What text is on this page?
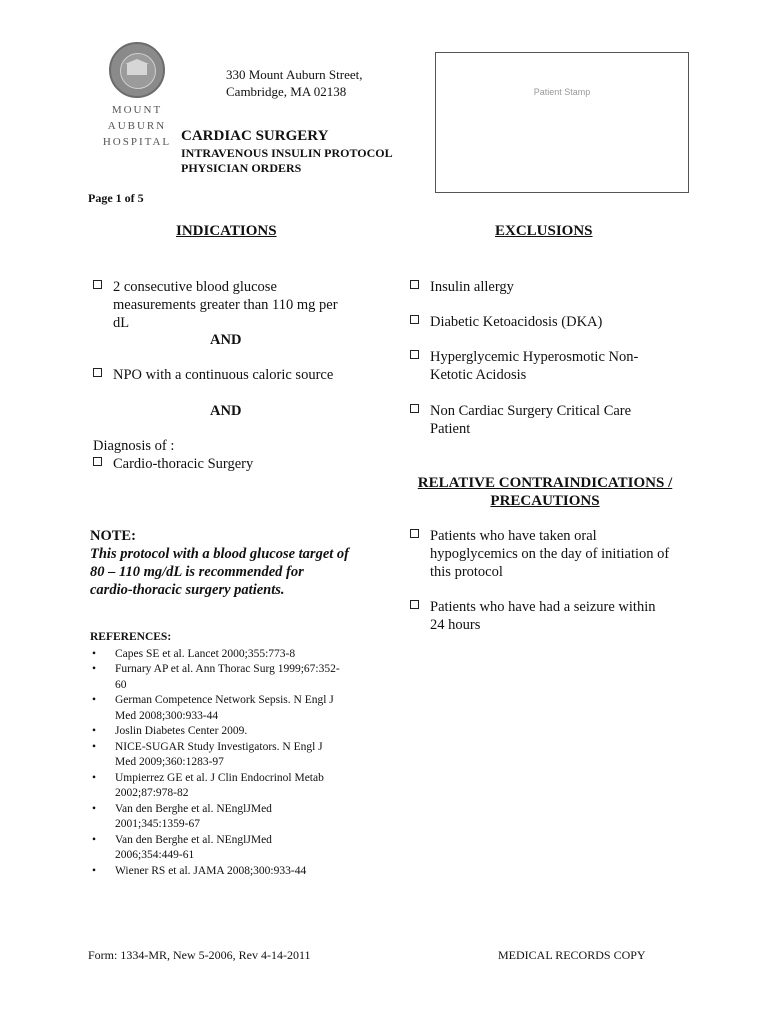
MOUNT AUBURN
HOSPITAL
330 Mount Auburn Street,
Cambridge, MA 02138
CARDIAC SURGERY
INTRAVENOUS INSULIN PROTOCOL
PHYSICIAN ORDERS
Patient Stamp
Page 1 of 5
INDICATIONS
2 consecutive blood glucose
measurements greater than 110 mg per
dL
AND
NPO with a continuous caloric source
AND
Diagnosis of :
Cardio-thoracic Surgery
NOTE:
This protocol with a blood glucose target of
80 – 110 mg/dL is recommended for
cardio-thoracic surgery patients.
REFERENCES:
• Capes SE et al. Lancet 2000;355:773-8
• Furnary AP et al. Ann Thorac Surg 1999;67:352-
60
• German Competence Network Sepsis. N Engl J
Med 2008;300:933-44
• Joslin Diabetes Center 2009.
• NICE-SUGAR Study Investigators. N Engl J
Med 2009;360:1283-97
• Umpierrez GE et al. J Clin Endocrinol Metab
2002;87:978-82
• Van den Berghe et al. NEnglJMed
2001;345:1359-67
• Van den Berghe et al. NEnglJMed
2006;354:449-61
• Wiener RS et al. JAMA 2008;300:933-44
EXCLUSIONS
Insulin allergy
Diabetic Ketoacidosis (DKA)
Hyperglycemic Hyperosmotic Non-
Ketotic Acidosis
Non Cardiac Surgery Critical Care
Patient
RELATIVE CONTRAINDICATIONS /
PRECAUTIONS
Patients who have taken oral
hypoglycemics on the day of initiation of
this protocol
Patients who have had a seizure within
24 hours
Form: 1334-MR, New 5-2006, Rev 4-14-2011	MEDICAL RECORDS COPY
